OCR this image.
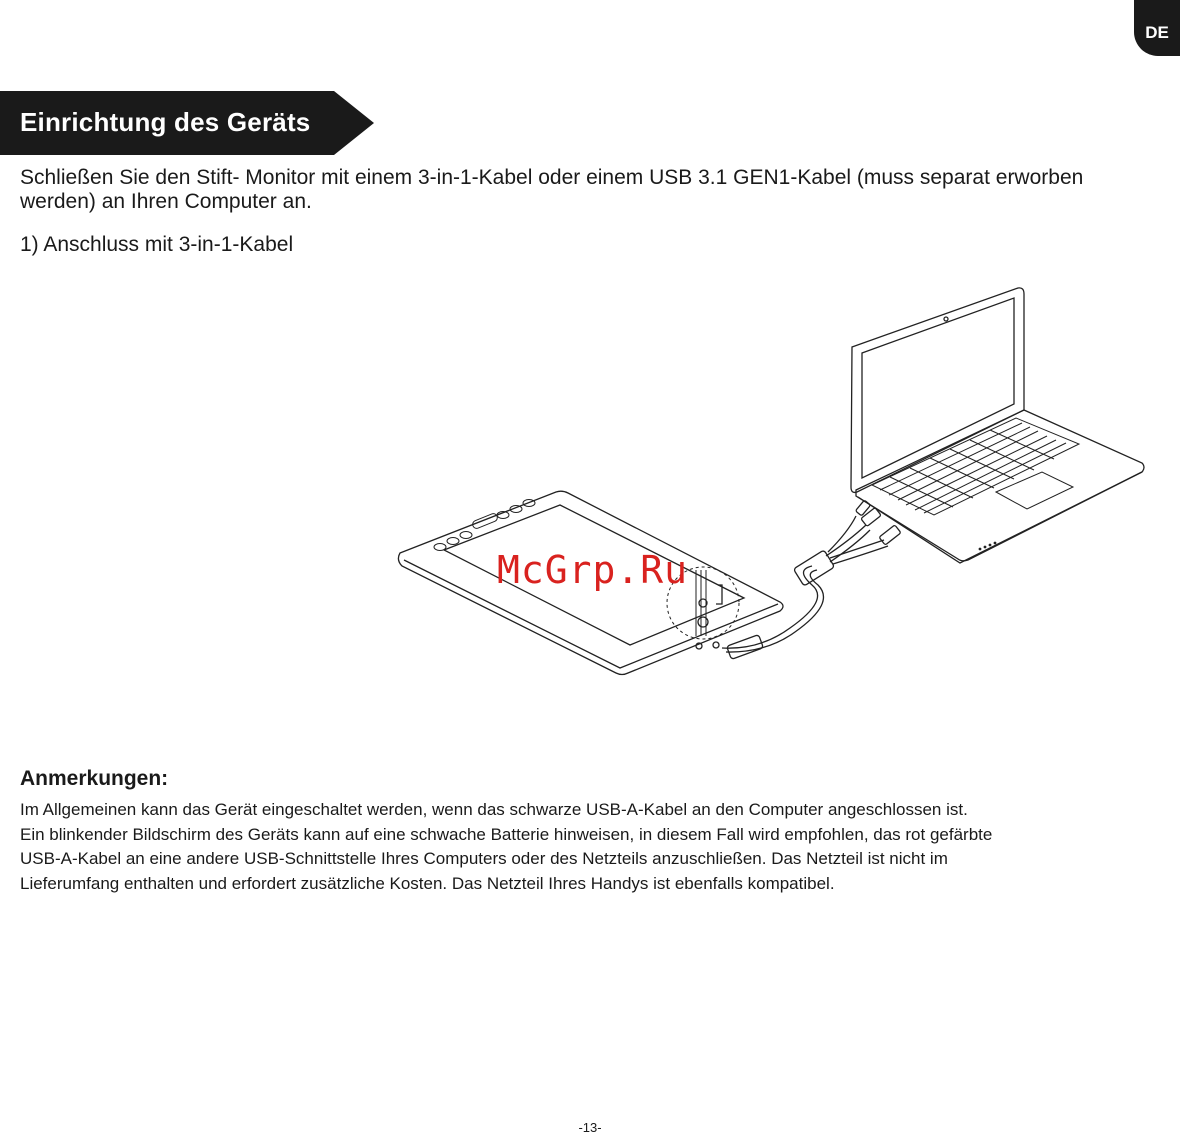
DE
Einrichtung des Geräts
Schließen Sie den Stift- Monitor mit einem 3-in-1-Kabel oder einem USB 3.1 GEN1-Kabel (muss separat erworben werden) an Ihren Computer an.
1) Anschluss mit 3-in-1-Kabel
McGrp.Ru
Anmerkungen:
Im Allgemeinen kann das Gerät eingeschaltet werden, wenn das schwarze USB-A-Kabel an den Computer angeschlossen ist.
Ein blinkender Bildschirm des Geräts kann auf eine schwache Batterie hinweisen, in diesem Fall wird empfohlen, das rot gefärbte
USB-A-Kabel an eine andere USB-Schnittstelle Ihres Computers oder des Netzteils anzuschließen. Das Netzteil ist nicht im
Lieferumfang enthalten und erfordert zusätzliche Kosten. Das Netzteil Ihres Handys ist ebenfalls kompatibel.
-13-
